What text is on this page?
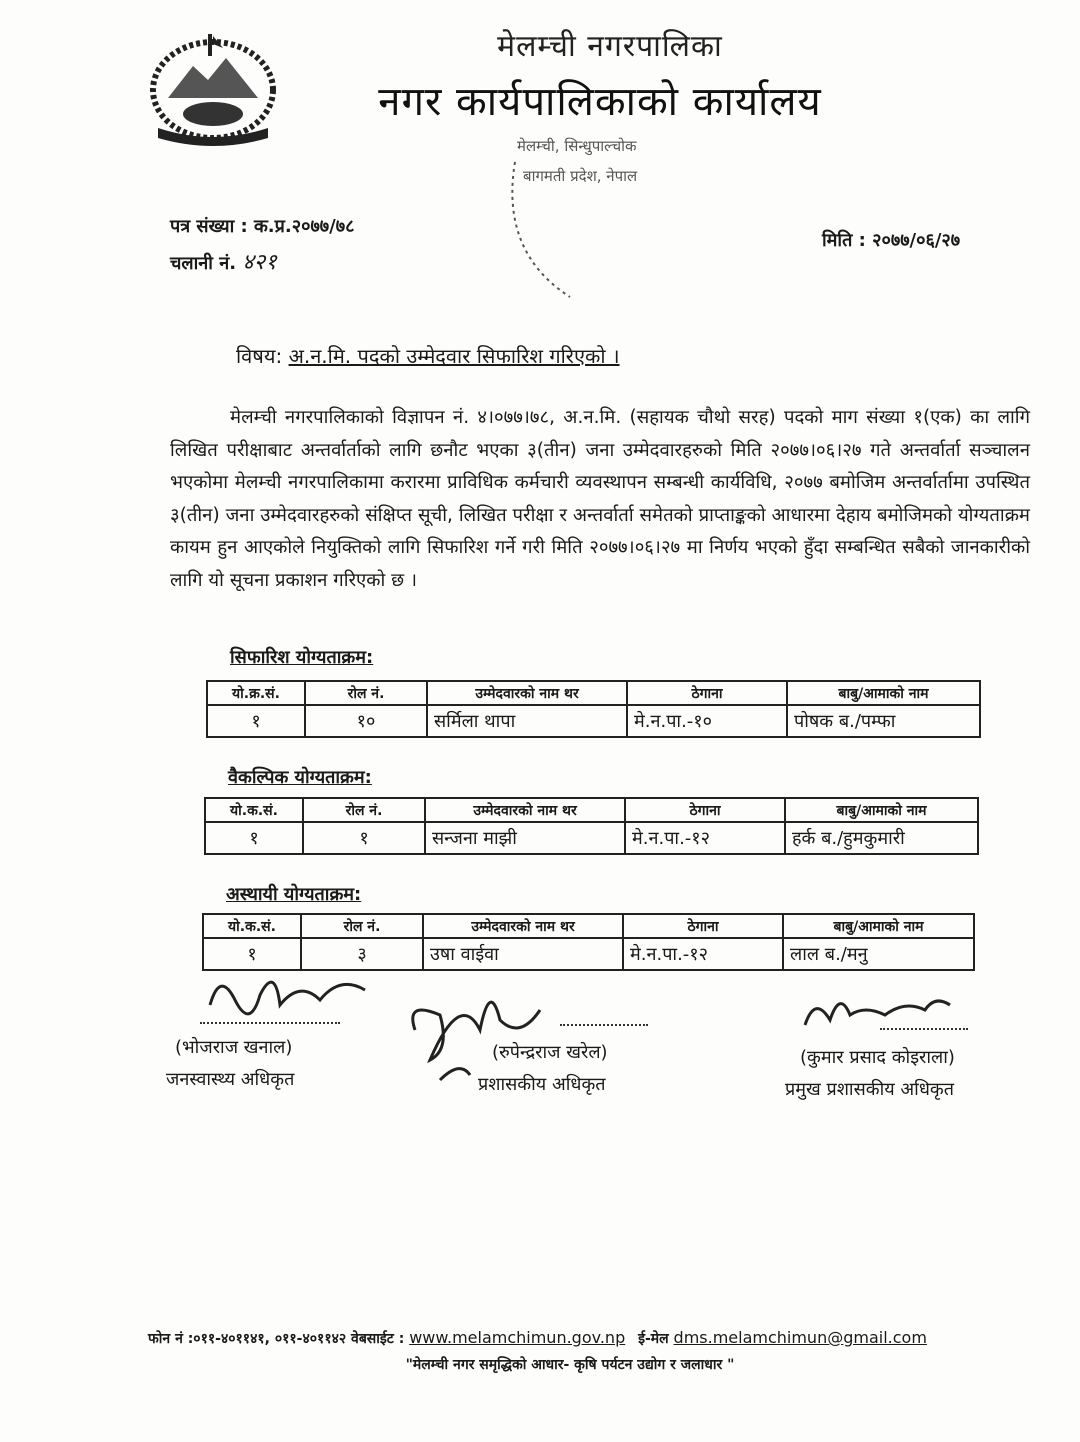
मेलम्ची नगरपालिका
नगर कार्यपालिकाको कार्यालय
मेलम्ची, सिन्धुपाल्चोक
बागमती प्रदेश, नेपाल
पत्र संख्या : क.प्र.२०७७/७८
चलानी नं. ४२१
मिति : २०७७/०६/२७
विषय: अ.न.मि. पदको उम्मेदवार सिफारिश गरिएको ।
मेलम्ची नगरपालिकाको विज्ञापन नं. ४।०७७।७८, अ.न.मि. (सहायक चौथो सरह) पदको माग संख्या १(एक) का लागि लिखित परीक्षाबाट अन्तर्वार्ताको लागि छनौट भएका ३(तीन) जना उम्मेदवारहरुको मिति २०७७।०६।२७ गते अन्तर्वार्ता सञ्चालन भएकोमा मेलम्ची नगरपालिकामा करारमा प्राविधिक कर्मचारी व्यवस्थापन सम्बन्धी कार्यविधि, २०७७ बमोजिम अन्तर्वार्तामा उपस्थित ३(तीन) जना उम्मेदवारहरुको संक्षिप्त सूची, लिखित परीक्षा र अन्तर्वार्ता समेतको प्राप्ताङ्कको आधारमा देहाय बमोजिमको योग्यताक्रम कायम हुन आएकोले नियुक्तिको लागि सिफारिश गर्ने गरी मिति २०७७।०६।२७ मा निर्णय भएको हुँदा सम्बन्धित सबैको जानकारीको लागि यो सूचना प्रकाशन गरिएको छ ।
सिफारिश योग्यताक्रम:
यो.क्र.सं.	रोल नं.	उम्मेदवारको नाम थर	ठेगाना	बाबु/आमाको नाम
१	१०	सर्मिला थापा	मे.न.पा.-१०	पोषक ब./पम्फा
वैकल्पिक योग्यताक्रम:
यो.क.सं.	रोल नं.	उम्मेदवारको नाम थर	ठेगाना	बाबु/आमाको नाम
१	१	सन्जना माझी	मे.न.पा.-१२	हर्क ब./हुमकुमारी
अस्थायी योग्यताक्रम:
यो.क.सं.	रोल नं.	उम्मेदवारको नाम थर	ठेगाना	बाबु/आमाको नाम
१	३	उषा वाईवा	मे.न.पा.-१२	लाल ब./मनु
(भोजराज खनाल)
जनस्वास्थ्य अधिकृत
(रुपेन्द्रराज खरेल)
प्रशासकीय अधिकृत
(कुमार प्रसाद कोइराला)
प्रमुख प्रशासकीय अधिकृत
फोन नं :०११-४०११४१, ०११-४०११४२ वेबसाईट : www.melamchimun.gov.np ई-मेल dms.melamchimun@gmail.com
"मेलम्ची नगर समृद्धिको आधार- कृषि पर्यटन उद्योग र जलाधार "
